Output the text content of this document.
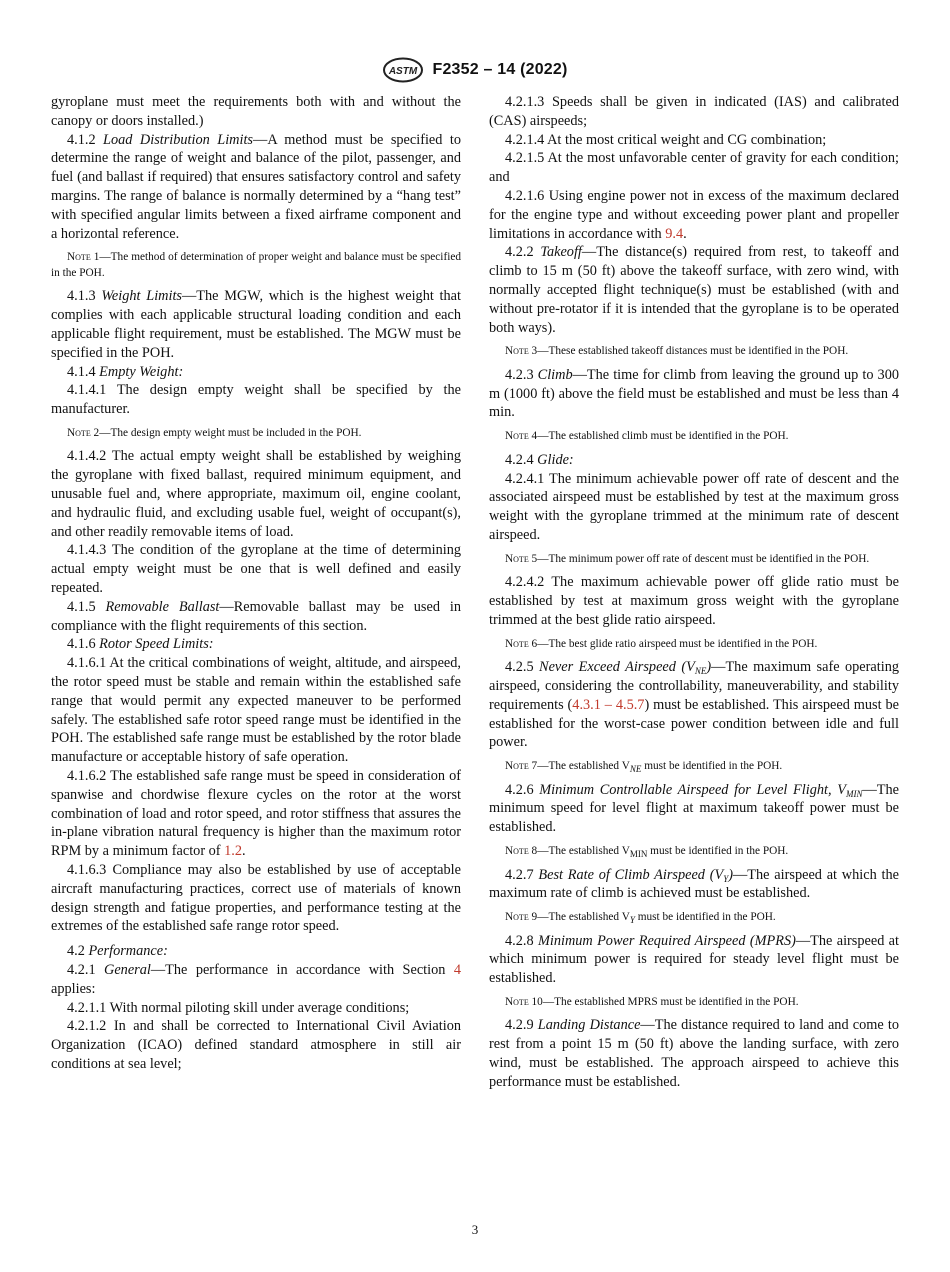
ASTM F2352 – 14 (2022)

gyroplane must meet the requirements both with and without the canopy or doors installed.)

4.1.2 Load Distribution Limits—A method must be specified to determine the range of weight and balance of the pilot, passenger, and fuel (and ballast if required) that ensures satisfactory control and safety margins. The range of balance is normally determined by a “hang test” with specified angular limits between a fixed airframe component and a horizontal reference.

Note 1—The method of determination of proper weight and balance must be specified in the POH.

4.1.3 Weight Limits—The MGW, which is the highest weight that complies with each applicable structural loading condition and each applicable flight requirement, must be established. The MGW must be specified in the POH.

4.1.4 Empty Weight:

4.1.4.1 The design empty weight shall be specified by the manufacturer.

Note 2—The design empty weight must be included in the POH.

4.1.4.2 The actual empty weight shall be established by weighing the gyroplane with fixed ballast, required minimum equipment, and unusable fuel and, where appropriate, maximum oil, engine coolant, and hydraulic fluid, and excluding usable fuel, weight of occupant(s), and other readily removable items of load.

4.1.4.3 The condition of the gyroplane at the time of determining actual empty weight must be one that is well defined and easily repeated.

4.1.5 Removable Ballast—Removable ballast may be used in compliance with the flight requirements of this section.

4.1.6 Rotor Speed Limits:

4.1.6.1 At the critical combinations of weight, altitude, and airspeed, the rotor speed must be stable and remain within the established safe range that would permit any expected maneuver to be performed safely. The established safe rotor speed range must be identified in the POH. The established safe range must be established by the rotor blade manufacture or acceptable history of safe operation.

4.1.6.2 The established safe range must be speed in consideration of spanwise and chordwise flexure cycles on the rotor at the worst combination of load and rotor speed, and rotor stiffness that assures the in-plane vibration natural frequency is higher than the maximum rotor RPM by a minimum factor of 1.2.

4.1.6.3 Compliance may also be established by use of acceptable aircraft manufacturing practices, correct use of materials of known design strength and fatigue properties, and performance testing at the extremes of the established safe range rotor speed.

4.2 Performance:

4.2.1 General—The performance in accordance with Section 4 applies:

4.2.1.1 With normal piloting skill under average conditions;

4.2.1.2 In and shall be corrected to International Civil Aviation Organization (ICAO) defined standard atmosphere in still air conditions at sea level;

4.2.1.3 Speeds shall be given in indicated (IAS) and calibrated (CAS) airspeeds;

4.2.1.4 At the most critical weight and CG combination;

4.2.1.5 At the most unfavorable center of gravity for each condition; and

4.2.1.6 Using engine power not in excess of the maximum declared for the engine type and without exceeding power plant and propeller limitations in accordance with 9.4.

4.2.2 Takeoff—The distance(s) required from rest, to takeoff and climb to 15 m (50 ft) above the takeoff surface, with zero wind, with normally accepted flight technique(s) must be established (with and without pre-rotator if it is intended that the gyroplane is to be operated both ways).

Note 3—These established takeoff distances must be identified in the POH.

4.2.3 Climb—The time for climb from leaving the ground up to 300 m (1000 ft) above the field must be established and must be less than 4 min.

Note 4—The established climb must be identified in the POH.

4.2.4 Glide:

4.2.4.1 The minimum achievable power off rate of descent and the associated airspeed must be established by test at the maximum gross weight with the gyroplane trimmed at the minimum rate of descent airspeed.

Note 5—The minimum power off rate of descent must be identified in the POH.

4.2.4.2 The maximum achievable power off glide ratio must be established by test at maximum gross weight with the gyroplane trimmed at the best glide ratio airspeed.

Note 6—The best glide ratio airspeed must be identified in the POH.

4.2.5 Never Exceed Airspeed $(V_{NE})—The$ maximum safe operating airspeed, considering the controllability, maneuverability, and stability requirements (4.3.1 – 4.5.7) must be established. This airspeed must be established for the worst-case power condition between idle and full power.

Note 7—The established $V_{NE}$ must be identified in the POH.

4.2.6 Minimum Controllable Airspeed for Level Flight, $V_{MIN}—The$ minimum speed for level flight at maximum takeoff power must be established.

Note 8—The established $V_{MIN}$ must be identified in the POH.

4.2.7 Best Rate of Climb Airspeed $(V_Y)—The$ airspeed at which the maximum rate of climb is achieved must be established.

Note 9—The established $V_Y$ must be identified in the POH.

4.2.8 Minimum Power Required Airspeed (MPRS)—The airspeed at which minimum power is required for steady level flight must be established.

Note 10—The established MPRS must be identified in the POH.

4.2.9 Landing Distance—The distance required to land and come to rest from a point 15 m (50 ft) above the landing surface, with zero wind, must be established. The approach airspeed to achieve this performance must be established.

3
